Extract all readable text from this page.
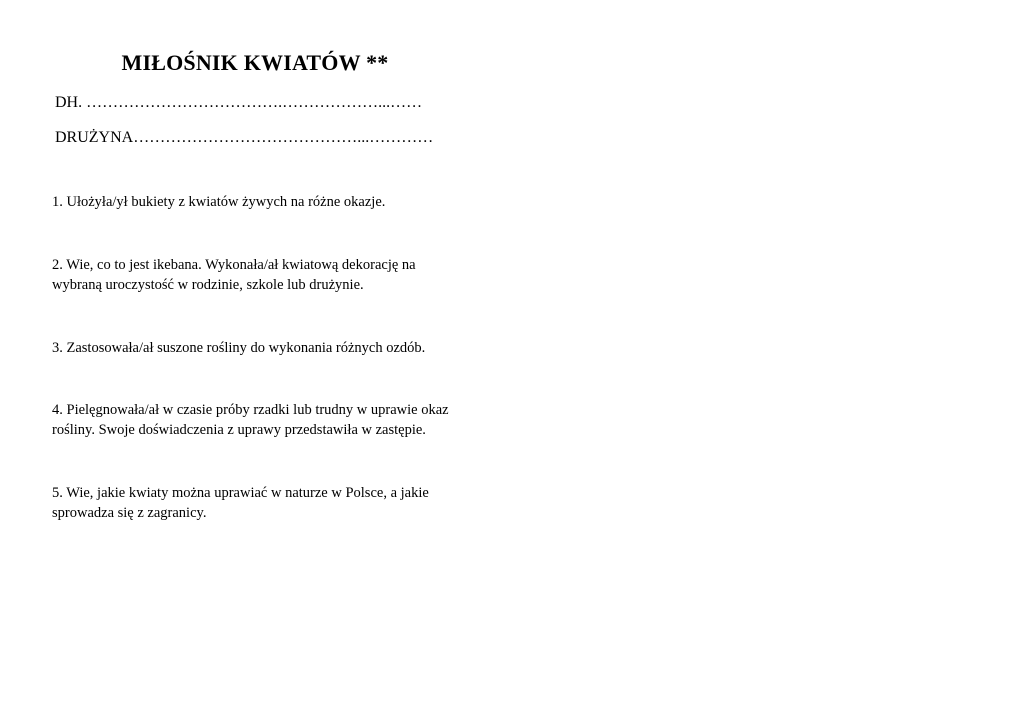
MIŁOŚNIK KWIATÓW **
DH. ……………………………….………………...……
DRUŻYNA……………………………………...…………

1. Ułożyła/ył bukiety z kwiatów żywych na różne okazje.

2. Wie, co to jest ikebana. Wykonała/ał kwiatową dekorację na

wybraną uroczystość w rodzinie, szkole lub drużynie.

3. Zastosowała/ał suszone rośliny do wykonania różnych ozdób.

4. Pielęgnowała/ał w czasie próby rzadki lub trudny w uprawie okaz

rośliny. Swoje doświadczenia z uprawy przedstawiła w zastępie.

5. Wie, jakie kwiaty można uprawiać w naturze w Polsce, a jakie

sprowadza się z zagranicy.
